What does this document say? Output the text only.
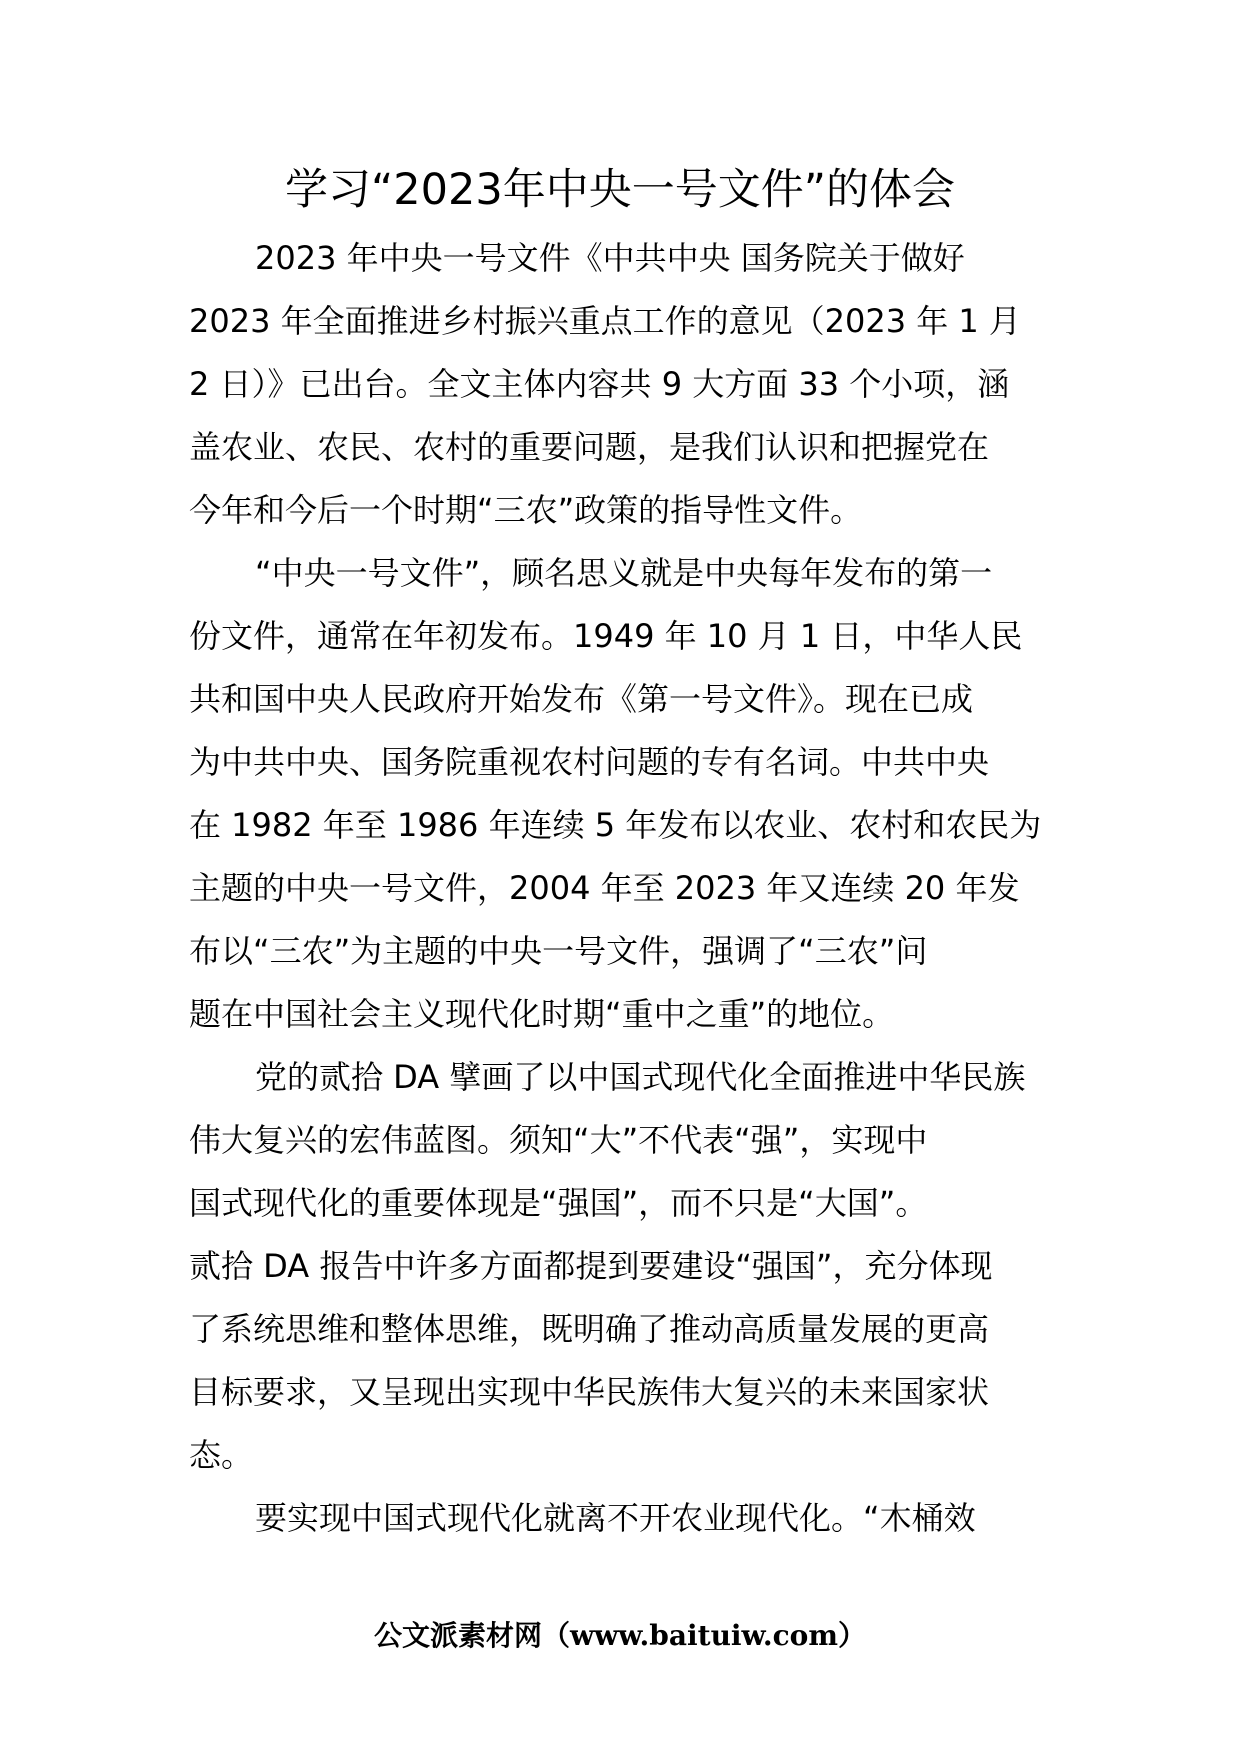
学习“2023年中央一号文件”的体会

2023 年中央一号文件《中共中央 国务院关于做好

2023 年全面推进乡村振兴重点工作的意见（2023 年 1 月

2 日）》已出台。全文主体内容共 9 大方面 33 个小项，涵

盖农业、农民、农村的重要问题，是我们认识和把握党在

今年和今后一个时期“三农”政策的指导性文件。

“中央一号文件”，顾名思义就是中央每年发布的第一

份文件，通常在年初发布。1949 年 10 月 1 日，中华人民

共和国中央人民政府开始发布《第一号文件》。现在已成

为中共中央、国务院重视农村问题的专有名词。中共中央

在 1982 年至 1986 年连续 5 年发布以农业、农村和农民为

主题的中央一号文件，2004 年至 2023 年又连续 20 年发

布以“三农”为主题的中央一号文件，强调了“三农”问

题在中国社会主义现代化时期“重中之重”的地位。

党的贰拾 DA 擘画了以中国式现代化全面推进中华民族

伟大复兴的宏伟蓝图。须知“大”不代表“强”，实现中

国式现代化的重要体现是“强国”，而不只是“大国”。

贰拾 DA 报告中许多方面都提到要建设“强国”，充分体现

了系统思维和整体思维，既明确了推动高质量发展的更高

目标要求，又呈现出实现中华民族伟大复兴的未来国家状

态。

要实现中国式现代化就离不开农业现代化。“木桶效

公文派素材网（www.baituiw.com）
